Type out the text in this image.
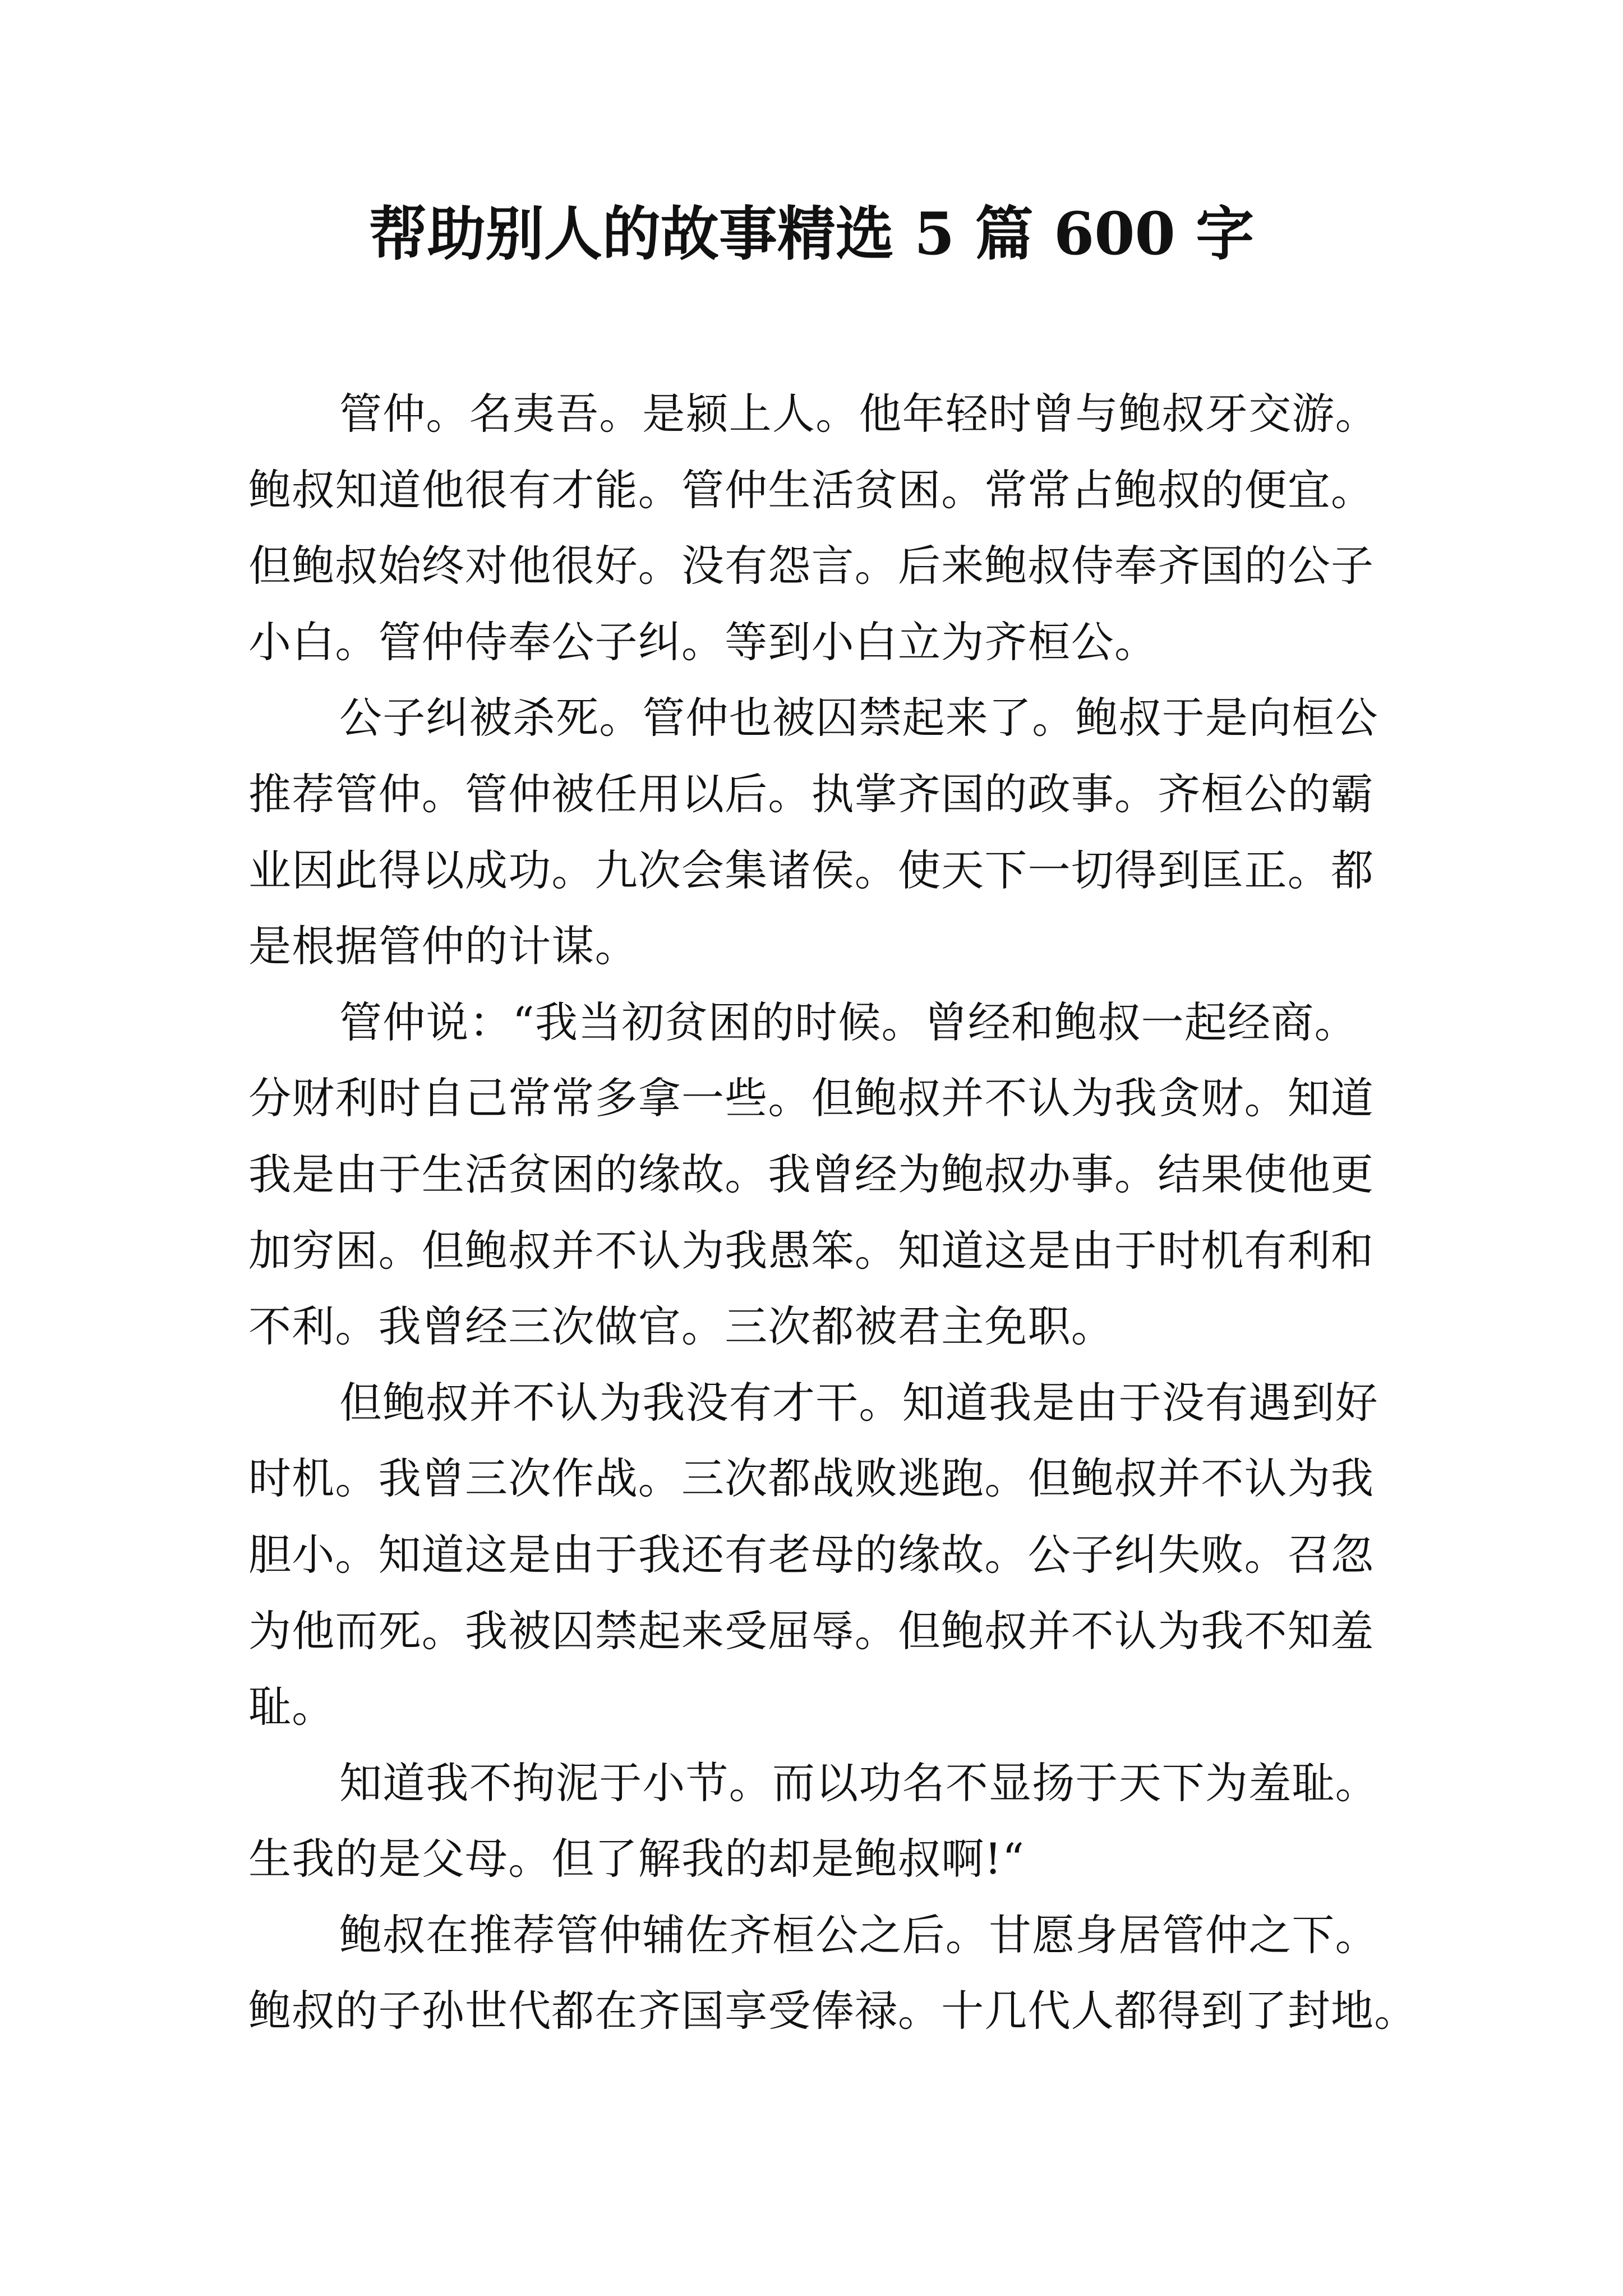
帮助别人的故事精选 5 篇 600 字
管仲。名夷吾。是颍上人。他年轻时曾与鲍叔牙交游。
鲍叔知道他很有才能。管仲生活贫困。常常占鲍叔的便宜。
但鲍叔始终对他很好。没有怨言。后来鲍叔侍奉齐国的公子
小白。管仲侍奉公子纠。等到小白立为齐桓公。
公子纠被杀死。管仲也被囚禁起来了。鲍叔于是向桓公
推荐管仲。管仲被任用以后。执掌齐国的政事。齐桓公的霸
业因此得以成功。九次会集诸侯。使天下一切得到匡正。都
是根据管仲的计谋。
管仲说：“我当初贫困的时候。曾经和鲍叔一起经商。
分财利时自己常常多拿一些。但鲍叔并不认为我贪财。知道
我是由于生活贫困的缘故。我曾经为鲍叔办事。结果使他更
加穷困。但鲍叔并不认为我愚笨。知道这是由于时机有利和
不利。我曾经三次做官。三次都被君主免职。
但鲍叔并不认为我没有才干。知道我是由于没有遇到好
时机。我曾三次作战。三次都战败逃跑。但鲍叔并不认为我
胆小。知道这是由于我还有老母的缘故。公子纠失败。召忽
为他而死。我被囚禁起来受屈辱。但鲍叔并不认为我不知羞
耻。
知道我不拘泥于小节。而以功名不显扬于天下为羞耻。
生我的是父母。但了解我的却是鲍叔啊!“
鲍叔在推荐管仲辅佐齐桓公之后。甘愿身居管仲之下。
鲍叔的子孙世代都在齐国享受俸禄。十几代人都得到了封地。
